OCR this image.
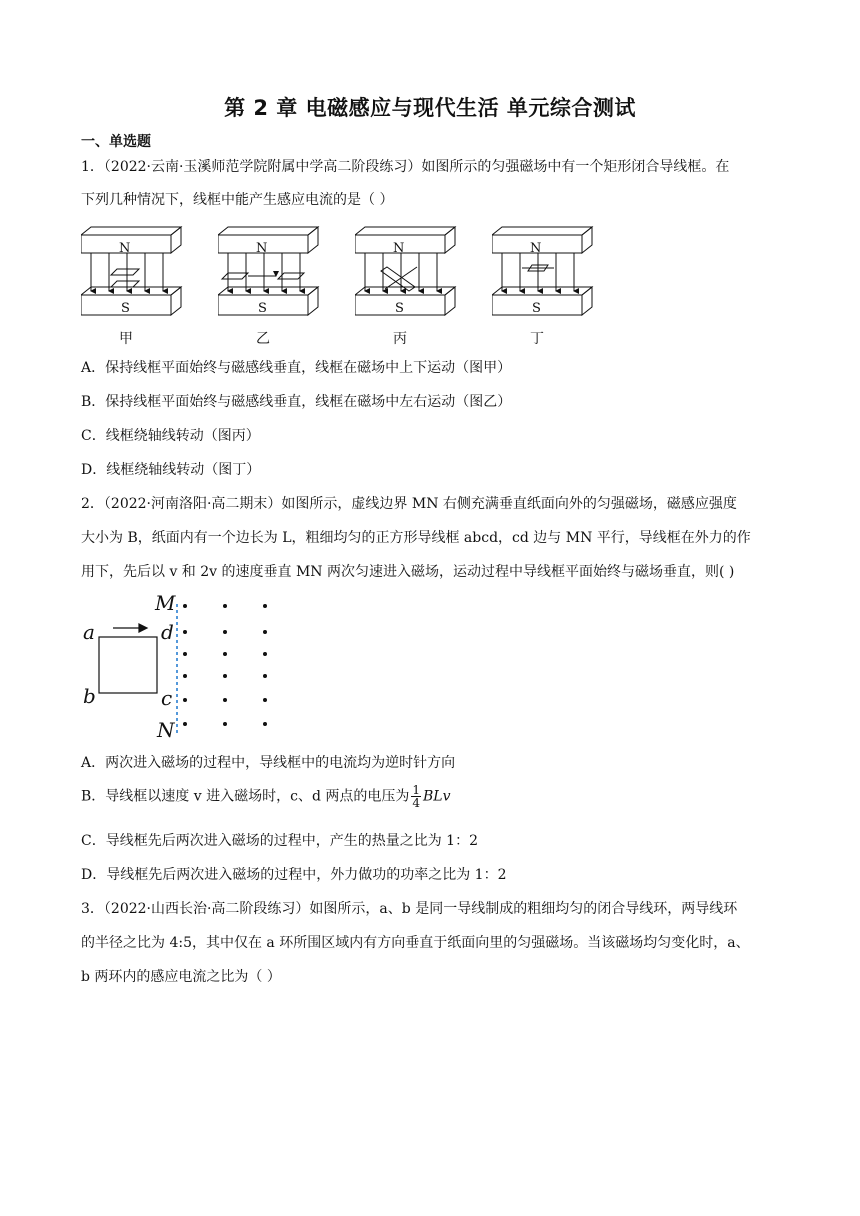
第 2 章 电磁感应与现代生活 单元综合测试
一、单选题
1．（2022·云南·玉溪师范学院附属中学高二阶段练习）如图所示的匀强磁场中有一个矩形闭合导线框。在
下列几种情况下，线框中能产生感应电流的是（ ）
N
S
N
S
N
S
N
S
甲	乙	丙	丁
A．保持线框平面始终与磁感线垂直，线框在磁场中上下运动（图甲）
B．保持线框平面始终与磁感线垂直，线框在磁场中左右运动（图乙）
C．线框绕轴线转动（图丙）
D．线框绕轴线转动（图丁）
2．（2022·河南洛阳·高二期末）如图所示，虚线边界 MN 右侧充满垂直纸面向外的匀强磁场，磁感应强度
大小为 B，纸面内有一个边长为 L，粗细均匀的正方形导线框 abcd，cd 边与 MN 平行，导线框在外力的作
用下，先后以 v 和 2v 的速度垂直 MN 两次匀速进入磁场，运动过程中导线框平面始终与磁场垂直，则( )
M
d
a
b	c
N
A．两次进入磁场的过程中，导线框中的电流均为逆时针方向
B．导线框以速度 v 进入磁场时，c、d 两点的电压为 $\frac{1}{4}$ BLv
C．导线框先后两次进入磁场的过程中，产生的热量之比为 1：2
D．导线框先后两次进入磁场的过程中，外力做功的功率之比为 1：2
3．（2022·山西长治·高二阶段练习）如图所示，a、b 是同一导线制成的粗细均匀的闭合导线环，两导线环
的半径之比为 4:5，其中仅在 a 环所围区域内有方向垂直于纸面向里的匀强磁场。当该磁场均匀变化时，a、
b 两环内的感应电流之比为（ ）
